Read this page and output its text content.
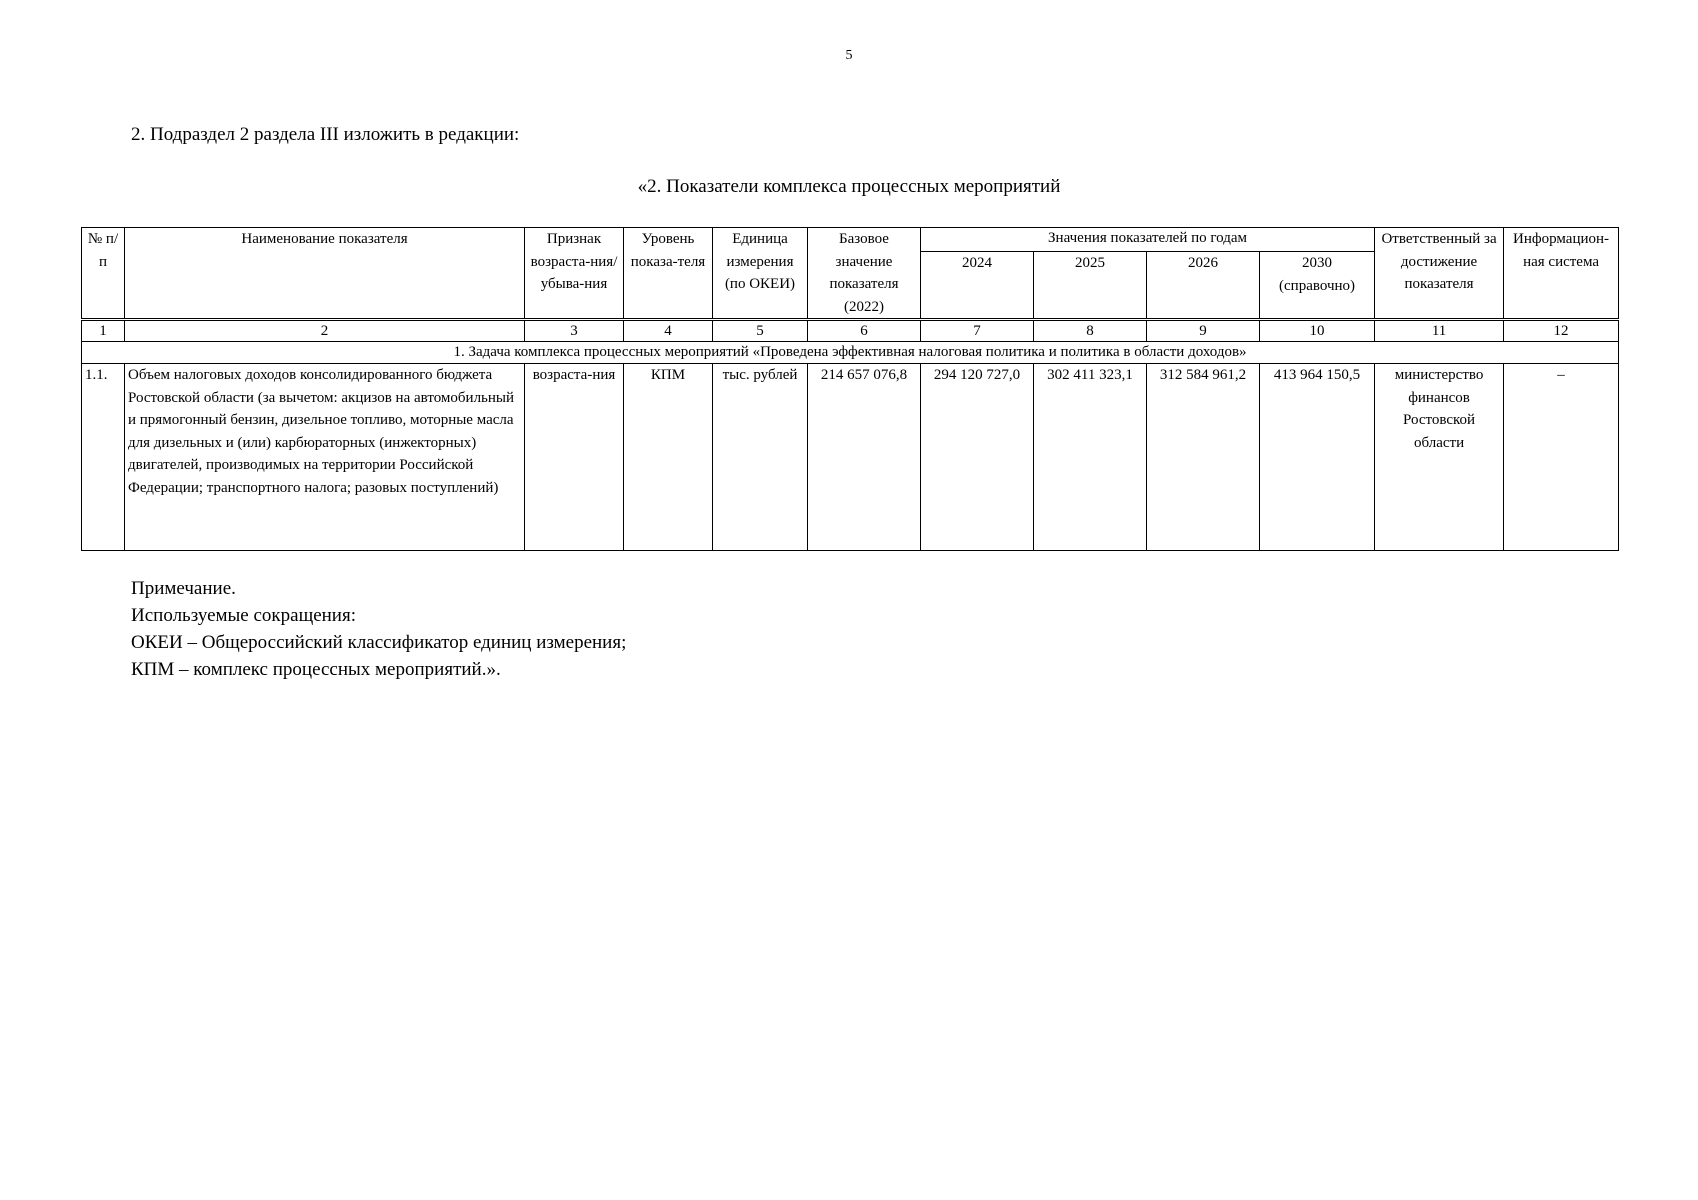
5
2. Подраздел 2 раздела III изложить в редакции:
«2. Показатели комплекса процессных мероприятий
№ п/п	Наименование показателя	Признак возраста-ния/убыва-ния	Уровень показа-теля	Единица измерения (по ОКЕИ)	Базовое значение показателя (2022)	Значения показателей по годам				Ответственный за достижение показателя	Информацион-ная система
						2024	2025	2026	2030 (справочно)		
1	2	3	4	5	6	7	8	9	10	11	12
1. Задача комплекса процессных мероприятий «Проведена эффективная налоговая политика и политика в области доходов»											
1.1.	Объем налоговых доходов консолидированного бюджета Ростовской области (за вычетом: акцизов на автомобильный и прямогонный бензин, дизельное топливо, моторные масла для дизельных и (или) карбюраторных (инжекторных) двигателей, производимых на территории Российской Федерации; транспортного налога; разовых поступлений)	возраста-ния	КПМ	тыс. рублей	214 657 076,8	294 120 727,0	302 411 323,1	312 584 961,2	413 964 150,5	министерство финансов Ростовской области	–
Примечание.
Используемые сокращения:
ОКЕИ – Общероссийский классификатор единиц измерения;
КПМ – комплекс процессных мероприятий.».
